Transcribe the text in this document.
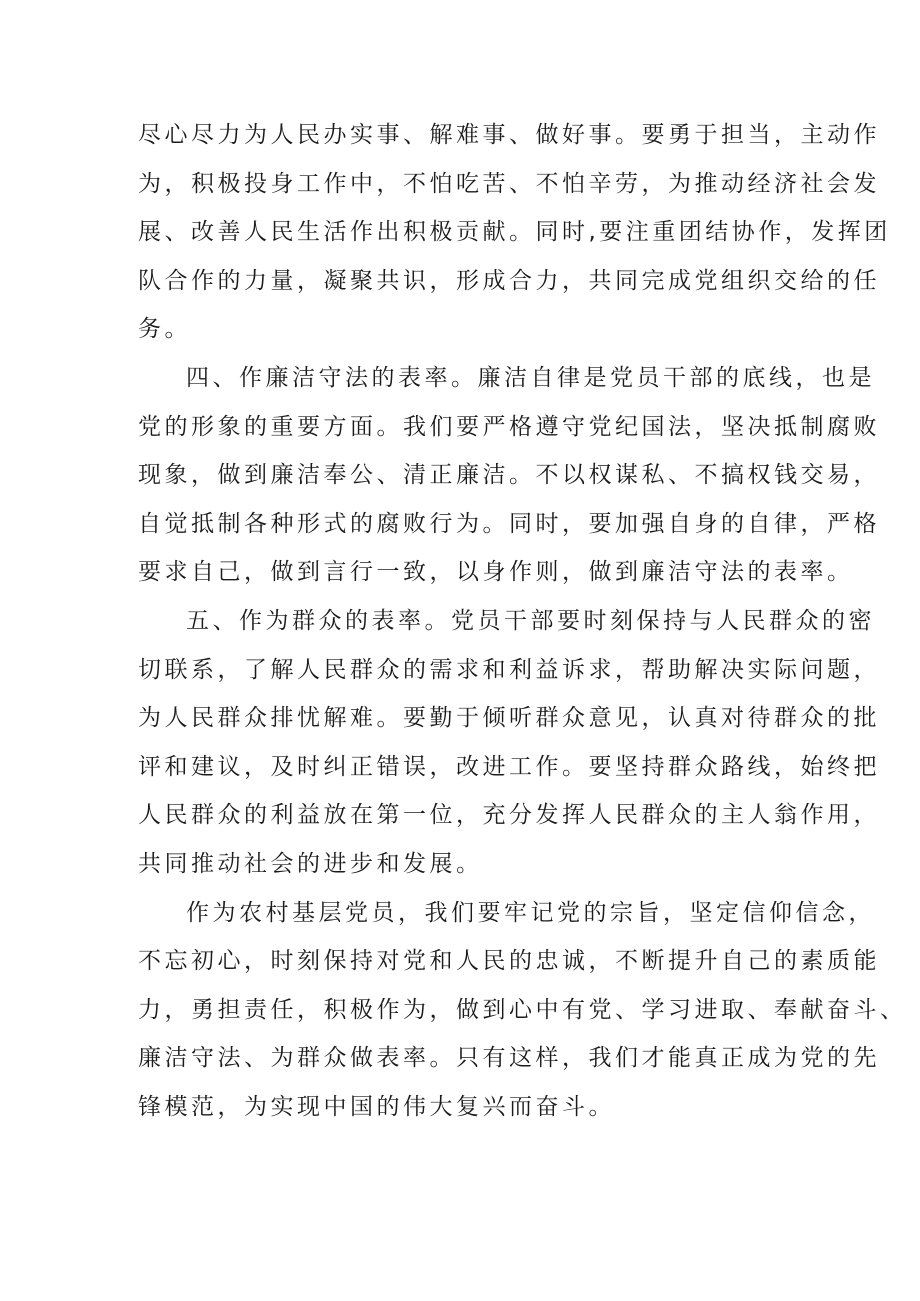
尽心尽力为人民办实事、解难事、做好事。要勇于担当，主动作
为，积极投身工作中，不怕吃苦、不怕辛劳，为推动经济社会发
展、改善人民生活作出积极贡献。同时,要注重团结协作，发挥团
队合作的力量，凝聚共识，形成合力，共同完成党组织交给的任
务。

四、作廉洁守法的表率。廉洁自律是党员干部的底线，也是
党的形象的重要方面。我们要严格遵守党纪国法，坚决抵制腐败
现象，做到廉洁奉公、清正廉洁。不以权谋私、不搞权钱交易，
自觉抵制各种形式的腐败行为。同时，要加强自身的自律，严格
要求自己，做到言行一致，以身作则，做到廉洁守法的表率。

五、作为群众的表率。党员干部要时刻保持与人民群众的密
切联系，了解人民群众的需求和利益诉求，帮助解决实际问题，
为人民群众排忧解难。要勤于倾听群众意见，认真对待群众的批
评和建议，及时纠正错误，改进工作。要坚持群众路线，始终把
人民群众的利益放在第一位，充分发挥人民群众的主人翁作用，
共同推动社会的进步和发展。

作为农村基层党员，我们要牢记党的宗旨，坚定信仰信念，
不忘初心，时刻保持对党和人民的忠诚，不断提升自己的素质能
力，勇担责任，积极作为，做到心中有党、学习进取、奉献奋斗、
廉洁守法、为群众做表率。只有这样，我们才能真正成为党的先
锋模范，为实现中国的伟大复兴而奋斗。
